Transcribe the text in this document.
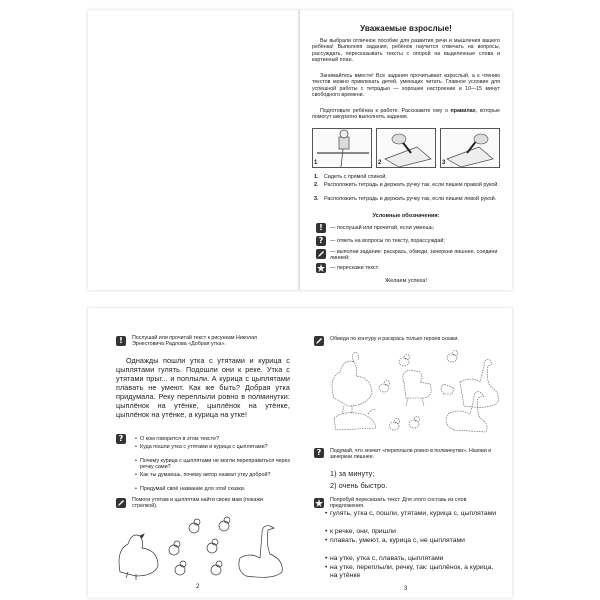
Уважаемые взрослые!
Вы выбрали отличное пособие для развития речи и мышления вашего ребёнка! Выполняя задания, ребёнок научится отвечать на вопросы, рассуждать, пересказывать тексты с опорой на выделенные слова и картинный план.
Занимайтесь вместе! Все задания прочитывает взрослый, а к чтению текстов можно привлекать детей, умеющих читать. Главное условие для успешной работы с тетрадью — хорошее настроение и 10—15 минут свободного времени.
Подготовьте ребёнка к работе. Расскажите ему о правилах, которые помогут аккуратно выполнять задания.
1	2	3
1. Сидеть с прямой спиной.
2. Расположить тетрадь и держать ручку так, если пишем правой рукой.
3. Расположить тетрадь и держать ручку так, если пишем левой рукой.
Условные обозначения:
!	— послушай или прочитай, если умеешь;
?	— ответь на вопросы по тексту, порассуждай;
— выполни задание: раскрась, обведи, зачеркни лишнее, соедини линией;
— перескажи текст.
Желаем успеха!
!	Послушай или прочитай текст к рисункам Николая Эрнестовича Радлова «Добрая утка».
Однажды пошли утка с утятами и курица с цыплятами гулять. Подошли они к реке. Утка с утятами прыг... и поплыли. А курица с цыплятами плавать не умеют. Как же быть? Добрая утка придумала. Реку переплыли ровно в полминутки: цыплёнок на утёнке, цыплёнок на утёнке, цыплёнок на утёнке, а курица на утке!
?
•	О ком говорится в этом тексте?
• Куда пошли утка с утятами и курица с цыплятами?
• Почему курица с цыплятами не могли переправиться через речку сами?
• Как ты думаешь, почему автор назвал утку доброй?
• Придумай своё название для этой сказки.
Помоги утятам и цыплятам найти своих мам (покажи стрелкой).
2
Обведи по контуру и раскрась только героев сказки.
?	Подумай, что значит «переплыли ровно в полминутки». Назови и зачеркни лишнее.
1) за минуту;
2) очень быстро.
Попробуй пересказать текст. Для этого составь из слов предложения.
• гулять, утка с, пошли, утятами, курица с, цыплятами
• к речке, они, пришли
• плавать, умеют, а, курица с, не цыплятами
• на утке, утка с, плавать, цыплятами
• на утке, переплыли, речку, так: цыплёнок, а курица, на утёнке
3
